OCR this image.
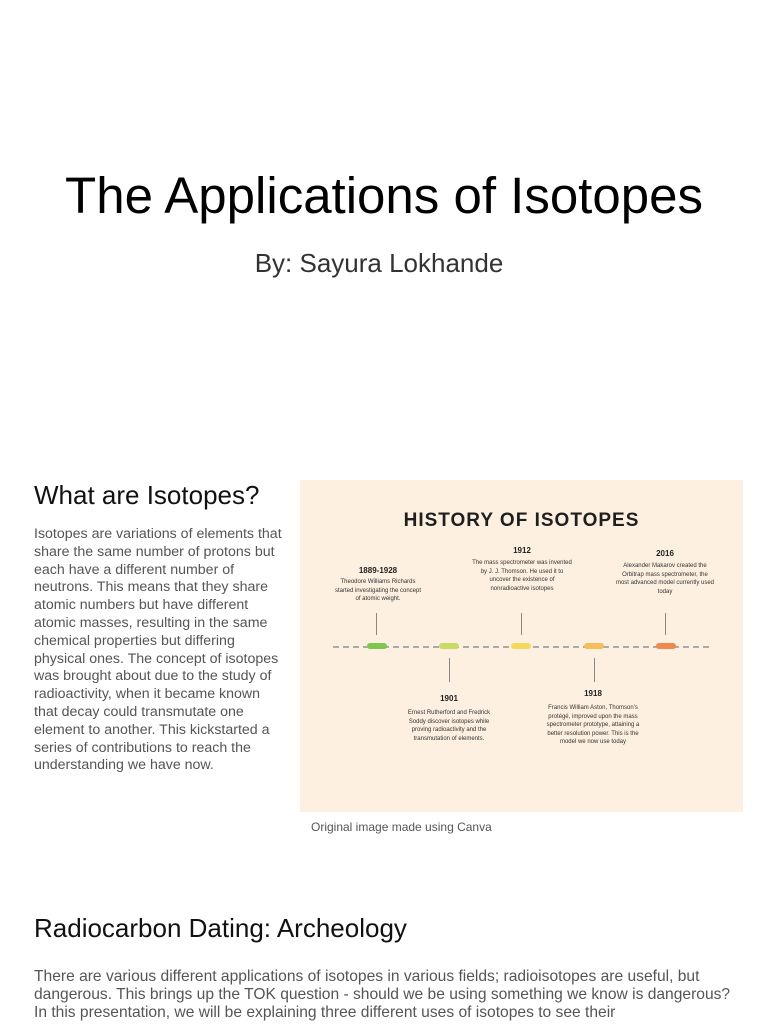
The Applications of Isotopes
By: Sayura Lokhande
What are Isotopes?
Isotopes are variations of elements that share the same number of protons but each have a different number of neutrons. This means that they share atomic numbers but have different atomic masses, resulting in the same chemical properties but differing physical ones. The concept of isotopes was brought about due to the study of radioactivity, when it became known that decay could transmutate one element to another. This kickstarted a series of contributions to reach the understanding we have now.
HISTORY OF ISOTOPES
1889-1928
Theodore Williams Richards started investigating the concept of atomic weight.
1912
The mass spectrometer was invented by J. J. Thomson. He used it to uncover the existence of nonradioactive isotopes
2016
Alexander Makarov created the Orbitrap mass spectrometer, the most advanced model currently used today
1901
Ernest Rutherford and Fredrick Soddy discover isotopes while proving radioactivity and the transmutation of elements.
1918
Francis William Aston, Thomson's protégé, improved upon the mass spectrometer prototype, attaining a better resolution power. This is the model we now use today
Original image made using Canva
Radiocarbon Dating: Archeology
There are various different applications of isotopes in various fields; radioisotopes are useful, but dangerous. This brings up the TOK question - should we be using something we know is dangerous? In this presentation, we will be explaining three different uses of isotopes to see their
